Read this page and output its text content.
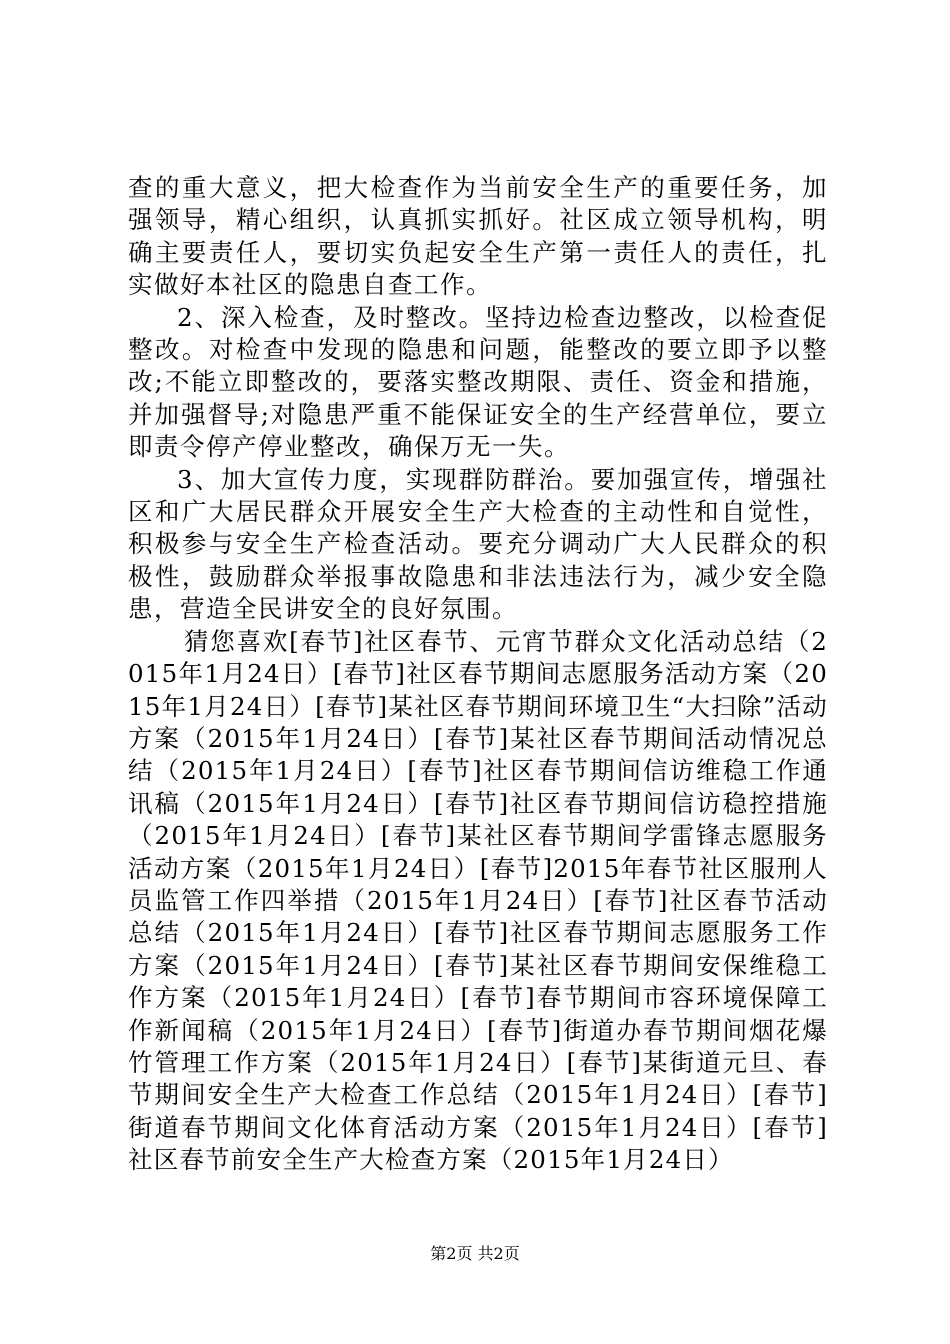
查的重大意义，把大检查作为当前安全生产的重要任务，加强领导，精心组织，认真抓实抓好。社区成立领导机构，明确主要责任人，要切实负起安全生产第一责任人的责任，扎实做好本社区的隐患自查工作。

2、深入检查，及时整改。坚持边检查边整改，以检查促整改。对检查中发现的隐患和问题，能整改的要立即予以整改;不能立即整改的，要落实整改期限、责任、资金和措施，并加强督导;对隐患严重不能保证安全的生产经营单位，要立即责令停产停业整改，确保万无一失。

3、加大宣传力度，实现群防群治。要加强宣传，增强社区和广大居民群众开展安全生产大检查的主动性和自觉性，积极参与安全生产检查活动。要充分调动广大人民群众的积极性，鼓励群众举报事故隐患和非法违法行为，减少安全隐患，营造全民讲安全的良好氛围。

猜您喜欢[春节]社区春节、元宵节群众文化活动总结（2015年1月24日）[春节]社区春节期间志愿服务活动方案（2015年1月24日）[春节]某社区春节期间环境卫生“大扫除”活动方案（2015年1月24日）[春节]某社区春节期间活动情况总结（2015年1月24日）[春节]社区春节期间信访维稳工作通讯稿（2015年1月24日）[春节]社区春节期间信访稳控措施（2015年1月24日）[春节]某社区春节期间学雷锋志愿服务活动方案（2015年1月24日）[春节]2015年春节社区服刑人员监管工作四举措（2015年1月24日）[春节]社区春节活动总结（2015年1月24日）[春节]社区春节期间志愿服务工作方案（2015年1月24日）[春节]某社区春节期间安保维稳工作方案（2015年1月24日）[春节]春节期间市容环境保障工作新闻稿（2015年1月24日）[春节]街道办春节期间烟花爆竹管理工作方案（2015年1月24日）[春节]某街道元旦、春节期间安全生产大检查工作总结（2015年1月24日）[春节]街道春节期间文化体育活动方案（2015年1月24日）[春节]社区春节前安全生产大检查方案（2015年1月24日）

第2页 共2页
